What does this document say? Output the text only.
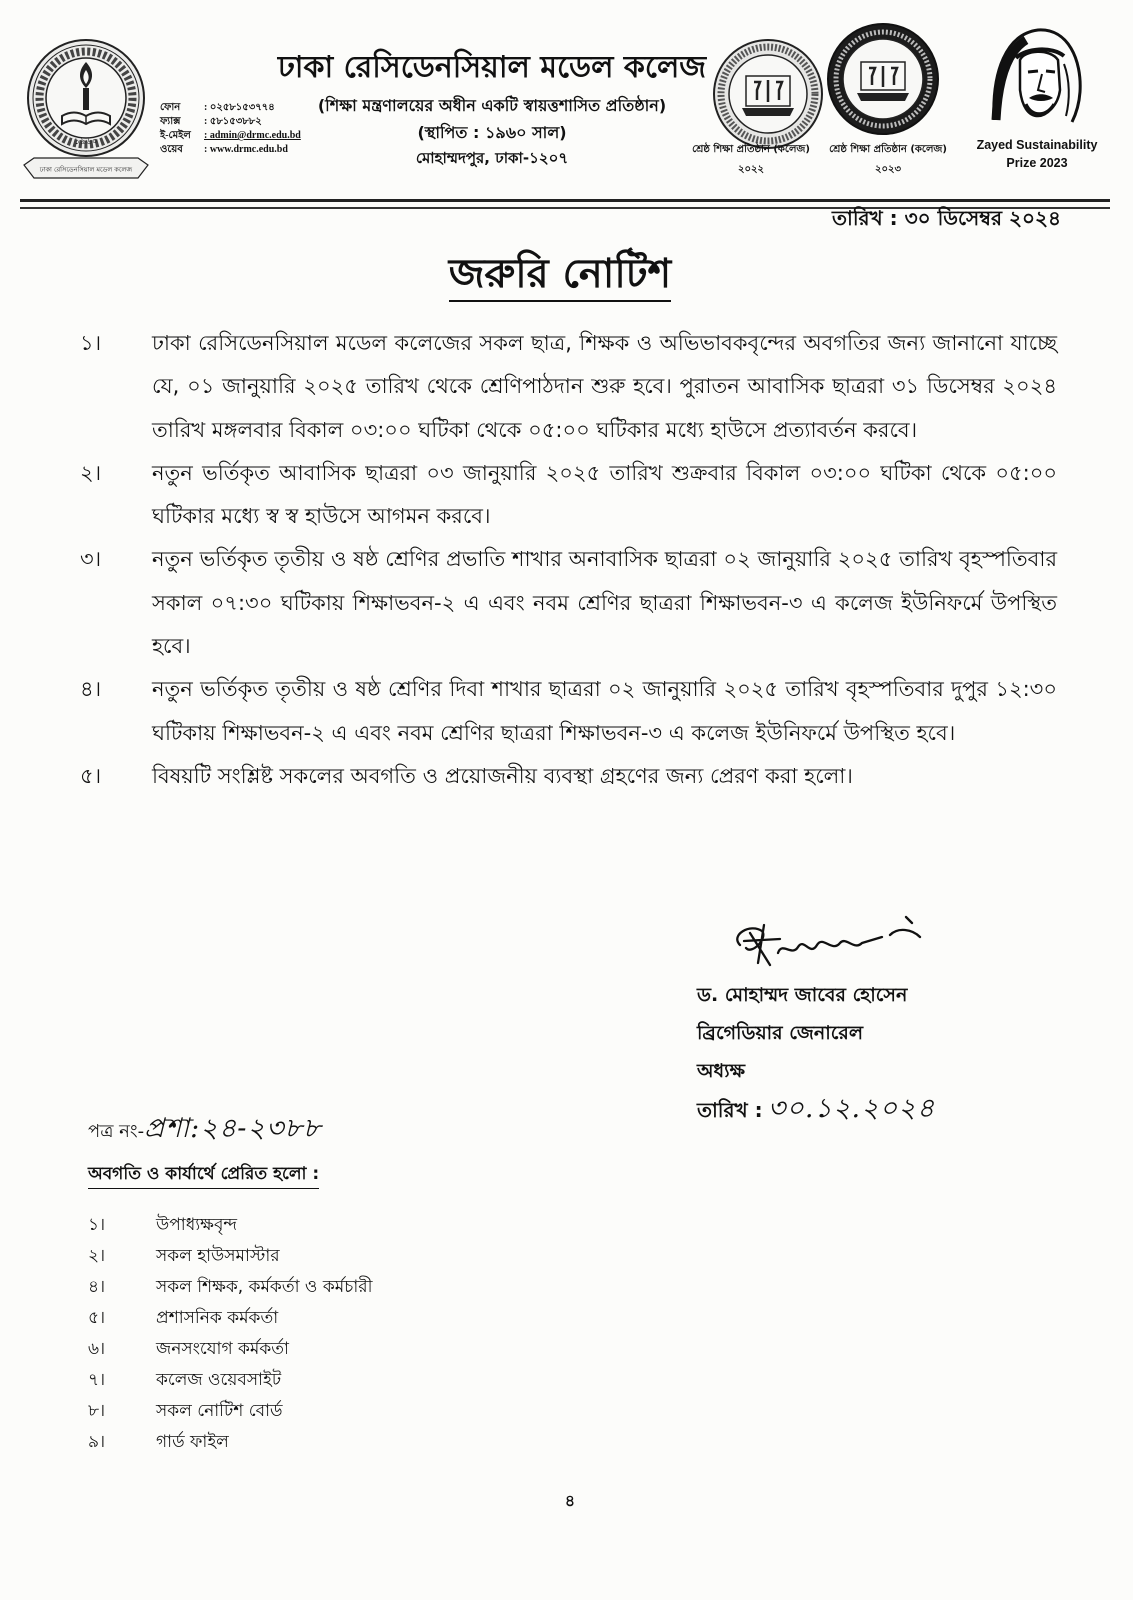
১৯৬০
ঢাকা রেসিডেনসিয়াল মডেল কলেজ
ফোন : ০২৫৮১৫৩৭৭৪
ফ্যাক্স : ৫৮১৫৩৮৮২
ই-মেইল : admin@drmc.edu.bd
ওয়েব : www.drmc.edu.bd
ঢাকা রেসিডেনসিয়াল মডেল কলেজ
(শিক্ষা মন্ত্রণালয়ের অধীন একটি স্বায়ত্তশাসিত প্রতিষ্ঠান)
(স্থাপিত : ১৯৬০ সাল)
মোহাম্মদপুর, ঢাকা-১২০৭	শ্রেষ্ঠ শিক্ষা প্রতিষ্ঠান (কলেজ)
২০২২
শ্রেষ্ঠ শিক্ষা প্রতিষ্ঠান (কলেজ)
২০২৩
Zayed Sustainability
Prize 2023
তারিখ : ৩০ ডিসেম্বর ২০২৪
জরুরি নোটিশ
১।	ঢাকা রেসিডেনসিয়াল মডেল কলেজের সকল ছাত্র, শিক্ষক ও অভিভাবকবৃন্দের অবগতির জন্য জানানো যাচ্ছে যে, ০১ জানুয়ারি ২০২৫ তারিখ থেকে শ্রেণিপাঠদান শুরু হবে। পুরাতন আবাসিক ছাত্ররা ৩১ ডিসেম্বর ২০২৪ তারিখ মঙ্গলবার বিকাল ০৩:০০ ঘটিকা থেকে ০৫:০০ ঘটিকার মধ্যে হাউসে প্রত্যাবর্তন করবে।
২।	নতুন ভর্তিকৃত আবাসিক ছাত্ররা ০৩ জানুয়ারি ২০২৫ তারিখ শুক্রবার বিকাল ০৩:০০ ঘটিকা থেকে ০৫:০০ ঘটিকার মধ্যে স্ব স্ব হাউসে আগমন করবে।
৩।	নতুন ভর্তিকৃত তৃতীয় ও ষষ্ঠ শ্রেণির প্রভাতি শাখার অনাবাসিক ছাত্ররা ০২ জানুয়ারি ২০২৫ তারিখ বৃহস্পতিবার সকাল ০৭:৩০ ঘটিকায় শিক্ষাভবন-২ এ এবং নবম শ্রেণির ছাত্ররা শিক্ষাভবন-৩ এ কলেজ ইউনিফর্মে উপস্থিত হবে।
৪।	নতুন ভর্তিকৃত তৃতীয় ও ষষ্ঠ শ্রেণির দিবা শাখার ছাত্ররা ০২ জানুয়ারি ২০২৫ তারিখ বৃহস্পতিবার দুপুর ১২:৩০ ঘটিকায় শিক্ষাভবন-২ এ এবং নবম শ্রেণির ছাত্ররা শিক্ষাভবন-৩ এ কলেজ ইউনিফর্মে উপস্থিত হবে।
৫।	বিষয়টি সংশ্লিষ্ট সকলের অবগতি ও প্রয়োজনীয় ব্যবস্থা গ্রহণের জন্য প্রেরণ করা হলো।
ড. মোহাম্মদ জাবের হোসেন
ব্রিগেডিয়ার জেনারেল
অধ্যক্ষ
তারিখ : ৩০.১২.২০২৪
পত্র নং-প্রশা:২৪-২৩৮৮
অবগতি ও কার্যার্থে প্রেরিত হলো :
১।	উপাধ্যক্ষবৃন্দ
২।	সকল হাউসমাস্টার
৪।	সকল শিক্ষক, কর্মকর্তা ও কর্মচারী
৫।	প্রশাসনিক কর্মকর্তা
৬।	জনসংযোগ কর্মকর্তা
৭।	কলেজ ওয়েবসাইট
৮।	সকল নোটিশ বোর্ড
৯।	গার্ড ফাইল
৪
